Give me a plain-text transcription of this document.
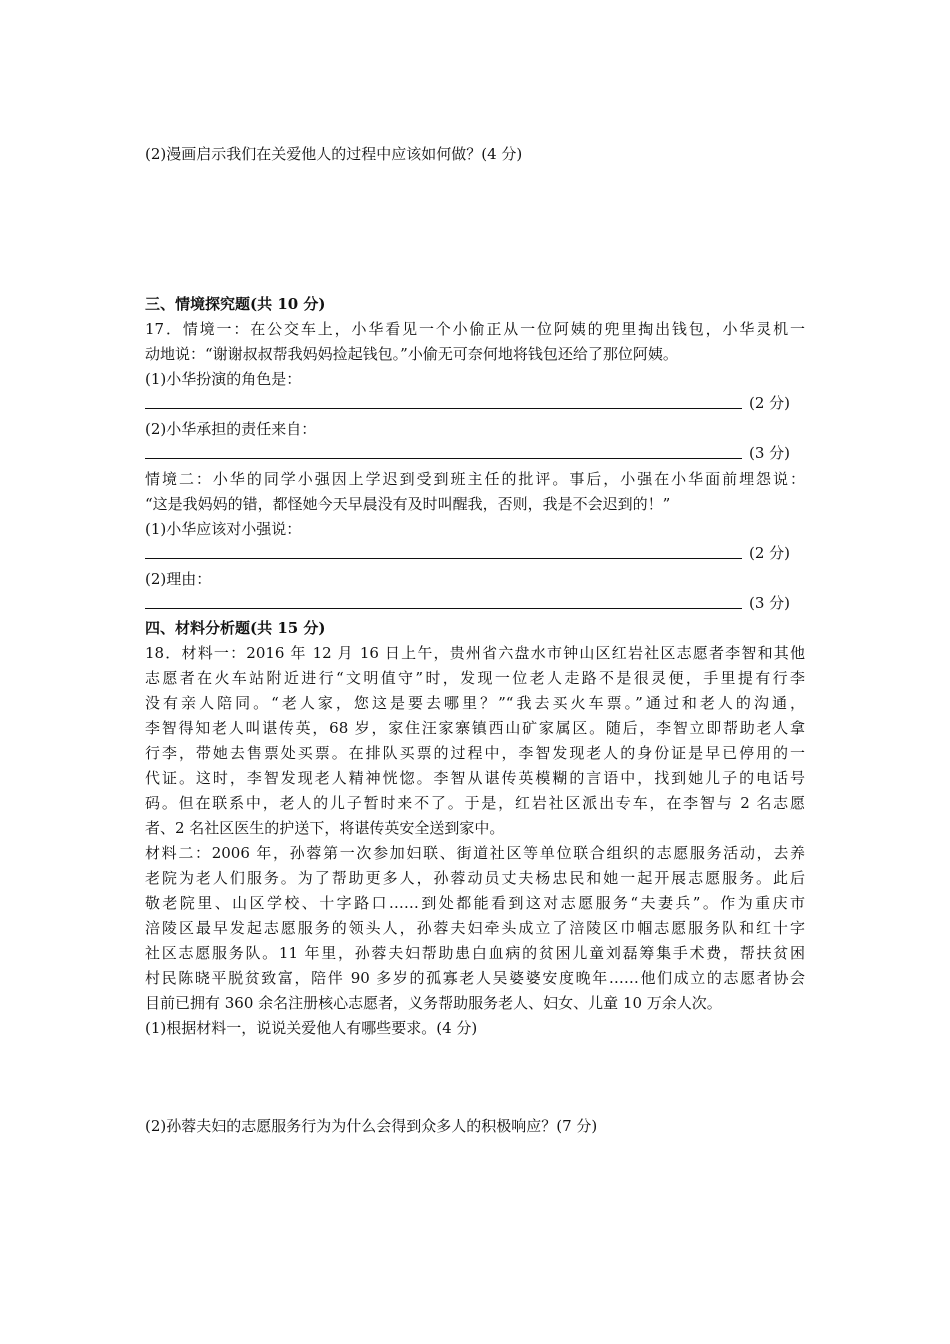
(2)漫画启示我们在关爱他人的过程中应该如何做？(4 分)
三、情境探究题(共 10 分)
17．情境一：在公交车上，小华看见一个小偷正从一位阿姨的兜里掏出钱包，小华灵机一
动地说：“谢谢叔叔帮我妈妈捡起钱包。”小偷无可奈何地将钱包还给了那位阿姨。
(1)小华扮演的角色是：
(2 分)
(2)小华承担的责任来自：
(3 分)
情境二：小华的同学小强因上学迟到受到班主任的批评。事后，小强在小华面前埋怨说：
“这是我妈妈的错，都怪她今天早晨没有及时叫醒我，否则，我是不会迟到的！”
(1)小华应该对小强说：
(2 分)
(2)理由：
(3 分)
四、材料分析题(共 15 分)
18．材料一：2016 年 12 月 16 日上午，贵州省六盘水市钟山区红岩社区志愿者李智和其他
志愿者在火车站附近进行“文明值守”时，发现一位老人走路不是很灵便，手里提有行李
没有亲人陪同。“老人家，您这是要去哪里？”“我去买火车票。”通过和老人的沟通，
李智得知老人叫谌传英，68 岁，家住汪家寨镇西山矿家属区。随后，李智立即帮助老人拿
行李，带她去售票处买票。在排队买票的过程中，李智发现老人的身份证是早已停用的一
代证。这时，李智发现老人精神恍惚。李智从谌传英模糊的言语中，找到她儿子的电话号
码。但在联系中，老人的儿子暂时来不了。于是，红岩社区派出专车，在李智与 2 名志愿
者、2 名社区医生的护送下，将谌传英安全送到家中。
材料二：2006 年，孙蓉第一次参加妇联、街道社区等单位联合组织的志愿服务活动，去养
老院为老人们服务。为了帮助更多人，孙蓉动员丈夫杨忠民和她一起开展志愿服务。此后
敬老院里、山区学校、十字路口……到处都能看到这对志愿服务“夫妻兵”。作为重庆市
涪陵区最早发起志愿服务的领头人，孙蓉夫妇牵头成立了涪陵区巾帼志愿服务队和红十字
社区志愿服务队。11 年里，孙蓉夫妇帮助患白血病的贫困儿童刘磊筹集手术费，帮扶贫困
村民陈晓平脱贫致富，陪伴 90 多岁的孤寡老人吴婆婆安度晚年……他们成立的志愿者协会
目前已拥有 360 余名注册核心志愿者，义务帮助服务老人、妇女、儿童 10 万余人次。
(1)根据材料一，说说关爱他人有哪些要求。(4 分)
(2)孙蓉夫妇的志愿服务行为为什么会得到众多人的积极响应？(7 分)
